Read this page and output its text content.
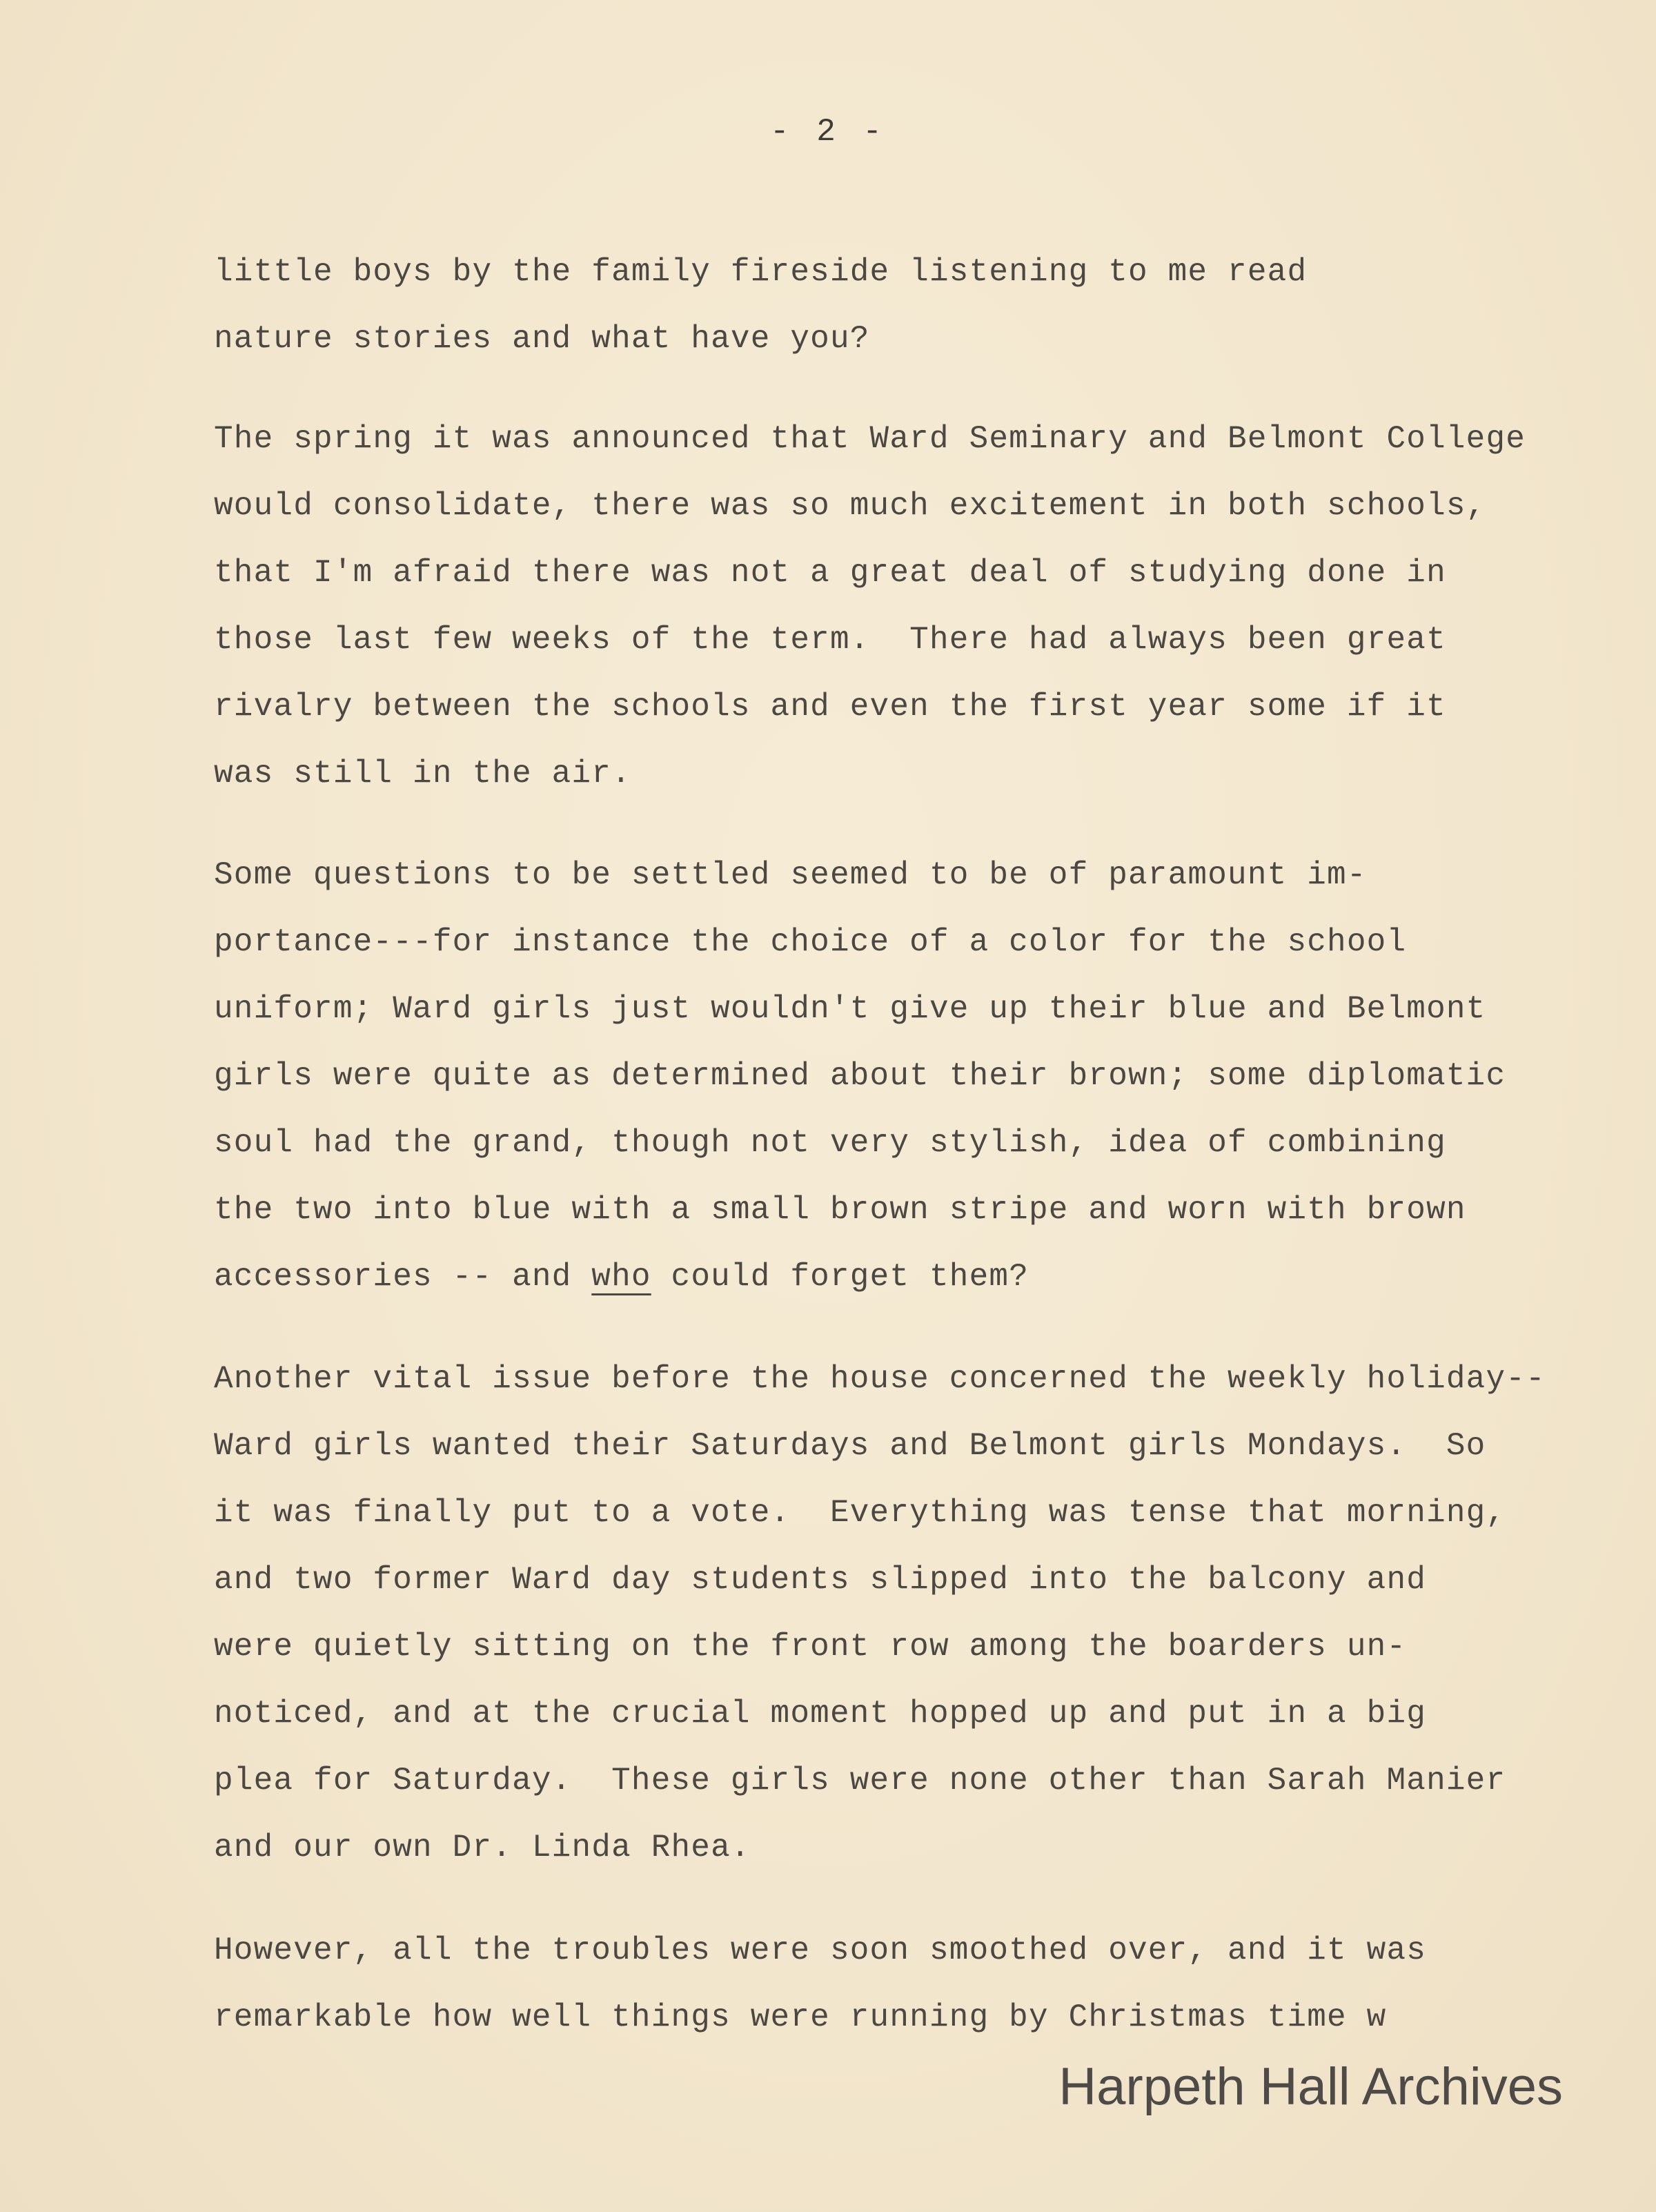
- 2 -
little boys by the family fireside listening to me read
nature stories and what have you?
The spring it was announced that Ward Seminary and Belmont College
would consolidate, there was so much excitement in both schools,
that I'm afraid there was not a great deal of studying done in
those last few weeks of the term.  There had always been great
rivalry between the schools and even the first year some if it
was still in the air.
Some questions to be settled seemed to be of paramount im-
portance---for instance the choice of a color for the school
uniform; Ward girls just wouldn't give up their blue and Belmont
girls were quite as determined about their brown; some diplomatic
soul had the grand, though not very stylish, idea of combining
the two into blue with a small brown stripe and worn with brown
accessories -- and who could forget them?
Another vital issue before the house concerned the weekly holiday--
Ward girls wanted their Saturdays and Belmont girls Mondays.  So
it was finally put to a vote.  Everything was tense that morning,
and two former Ward day students slipped into the balcony and
were quietly sitting on the front row among the boarders un-
noticed, and at the crucial moment hopped up and put in a big
plea for Saturday.  These girls were none other than Sarah Manier
and our own Dr. Linda Rhea.
However, all the troubles were soon smoothed over, and it was
remarkable how well things were running by Christmas time w
Harpeth Hall Archives
